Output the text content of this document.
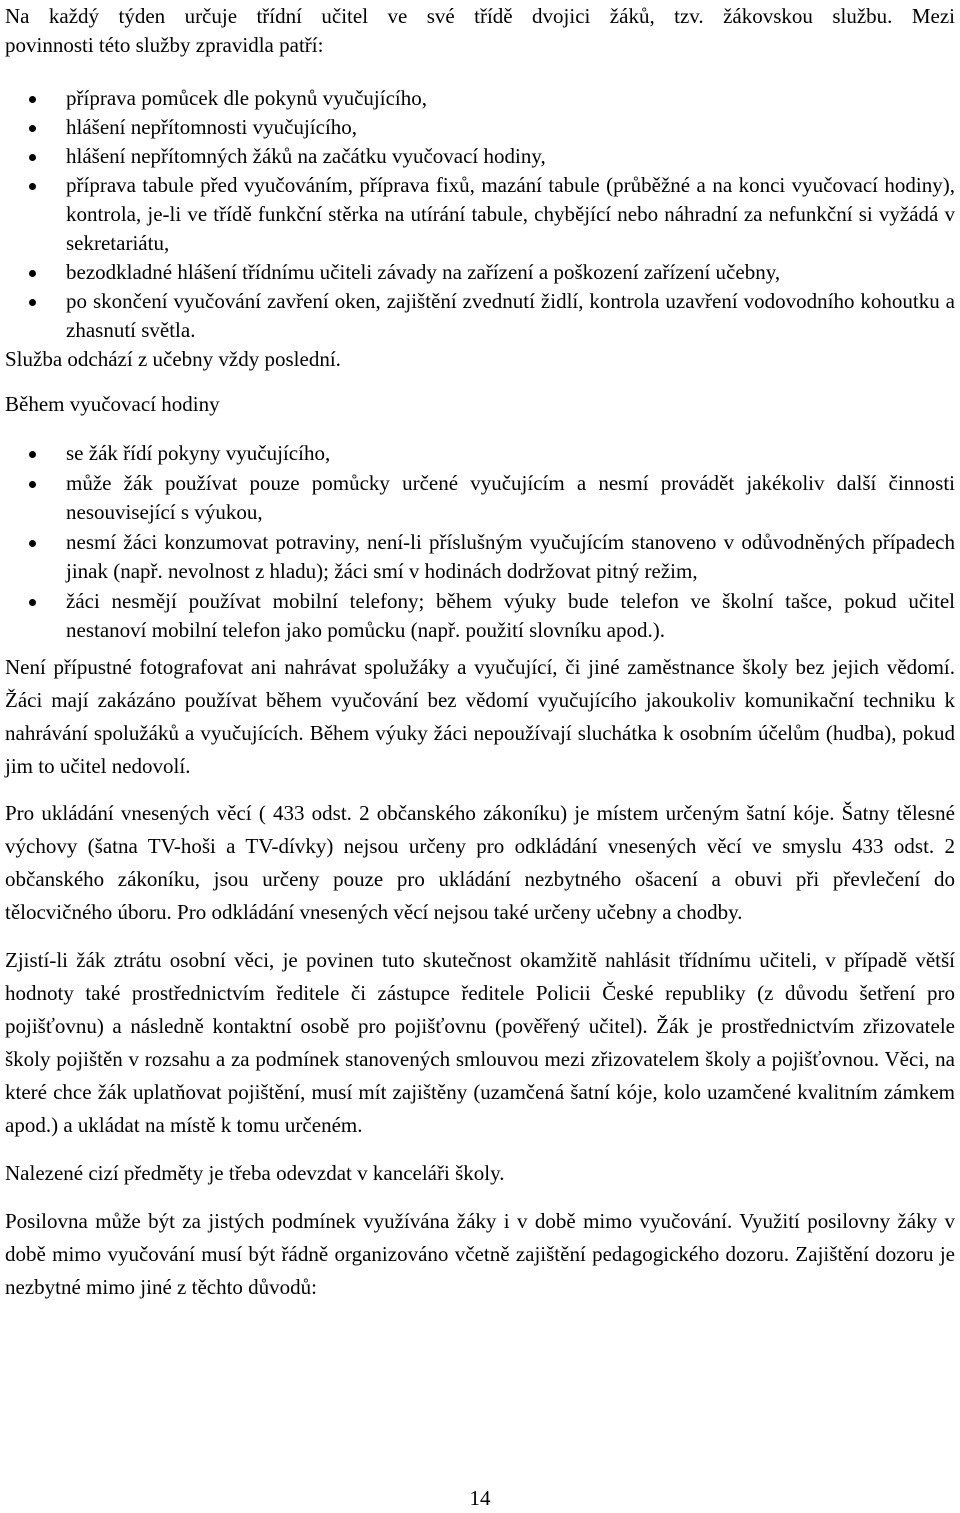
Na každý týden určuje třídní učitel ve své třídě dvojici žáků, tzv. žákovskou službu. Mezi

povinnosti této služby zpravidla patří:

příprava pomůcek dle pokynů vyučujícího,
hlášení nepřítomnosti vyučujícího,
hlášení nepřítomných žáků na začátku vyučovací hodiny,
příprava tabule před vyučováním, příprava fixů, mazání tabule (průběžné a na konci vyučovací hodiny), kontrola, je-li ve třídě funkční stěrka na utírání tabule, chybějící nebo náhradní za nefunkční si vyžádá v sekretariátu,
bezodkladné hlášení třídnímu učiteli závady na zařízení a poškození zařízení učebny,
po skončení vyučování zavření oken, zajištění zvednutí židlí, kontrola uzavření vodovodního kohoutku a zhasnutí světla.

Služba odchází z učebny vždy poslední.

Během vyučovací hodiny

se žák řídí pokyny vyučujícího,
může žák používat pouze pomůcky určené vyučujícím a nesmí provádět jakékoliv další činnosti nesouvisející s výukou,
nesmí žáci konzumovat potraviny, není-li příslušným vyučujícím stanoveno v odůvodněných případech jinak (např. nevolnost z hladu); žáci smí v hodinách dodržovat pitný režim,
žáci nesmějí používat mobilní telefony; během výuky bude telefon ve školní tašce, pokud učitel nestanoví mobilní telefon jako pomůcku (např. použití slovníku apod.).

Není přípustné fotografovat ani nahrávat spolužáky a vyučující, či jiné zaměstnance školy bez jejich vědomí. Žáci mají zakázáno používat během vyučování bez vědomí vyučujícího jakoukoliv komunikační techniku k nahrávání spolužáků a vyučujících. Během výuky žáci nepoužívají sluchátka k osobním účelům (hudba), pokud jim to učitel nedovolí.

Pro ukládání vnesených věcí ( 433 odst. 2 občanského zákoníku) je místem určeným šatní kóje. Šatny tělesné výchovy (šatna TV-hoši a TV-dívky) nejsou určeny pro odkládání vnesených věcí ve smyslu 433 odst. 2 občanského zákoníku, jsou určeny pouze pro ukládání nezbytného ošacení a obuvi při převlečení do tělocvičného úboru. Pro odkládání vnesených věcí nejsou také určeny učebny a chodby.

Zjistí-li žák ztrátu osobní věci, je povinen tuto skutečnost okamžitě nahlásit třídnímu učiteli, v případě větší hodnoty také prostřednictvím ředitele či zástupce ředitele Policii České republiky (z důvodu šetření pro pojišťovnu) a následně kontaktní osobě pro pojišťovnu (pověřený učitel). Žák je prostřednictvím zřizovatele školy pojištěn v rozsahu a za podmínek stanovených smlouvou mezi zřizovatelem školy a pojišťovnou. Věci, na které chce žák uplatňovat pojištění, musí mít zajištěny (uzamčená šatní kóje, kolo uzamčené kvalitním zámkem apod.) a ukládat na místě k tomu určeném.

Nalezené cizí předměty je třeba odevzdat v kanceláři školy.

Posilovna může být za jistých podmínek využívána žáky i v době mimo vyučování. Využití posilovny žáky v době mimo vyučování musí být řádně organizováno včetně zajištění pedagogického dozoru. Zajištění dozoru je nezbytné mimo jiné z těchto důvodů:

14
